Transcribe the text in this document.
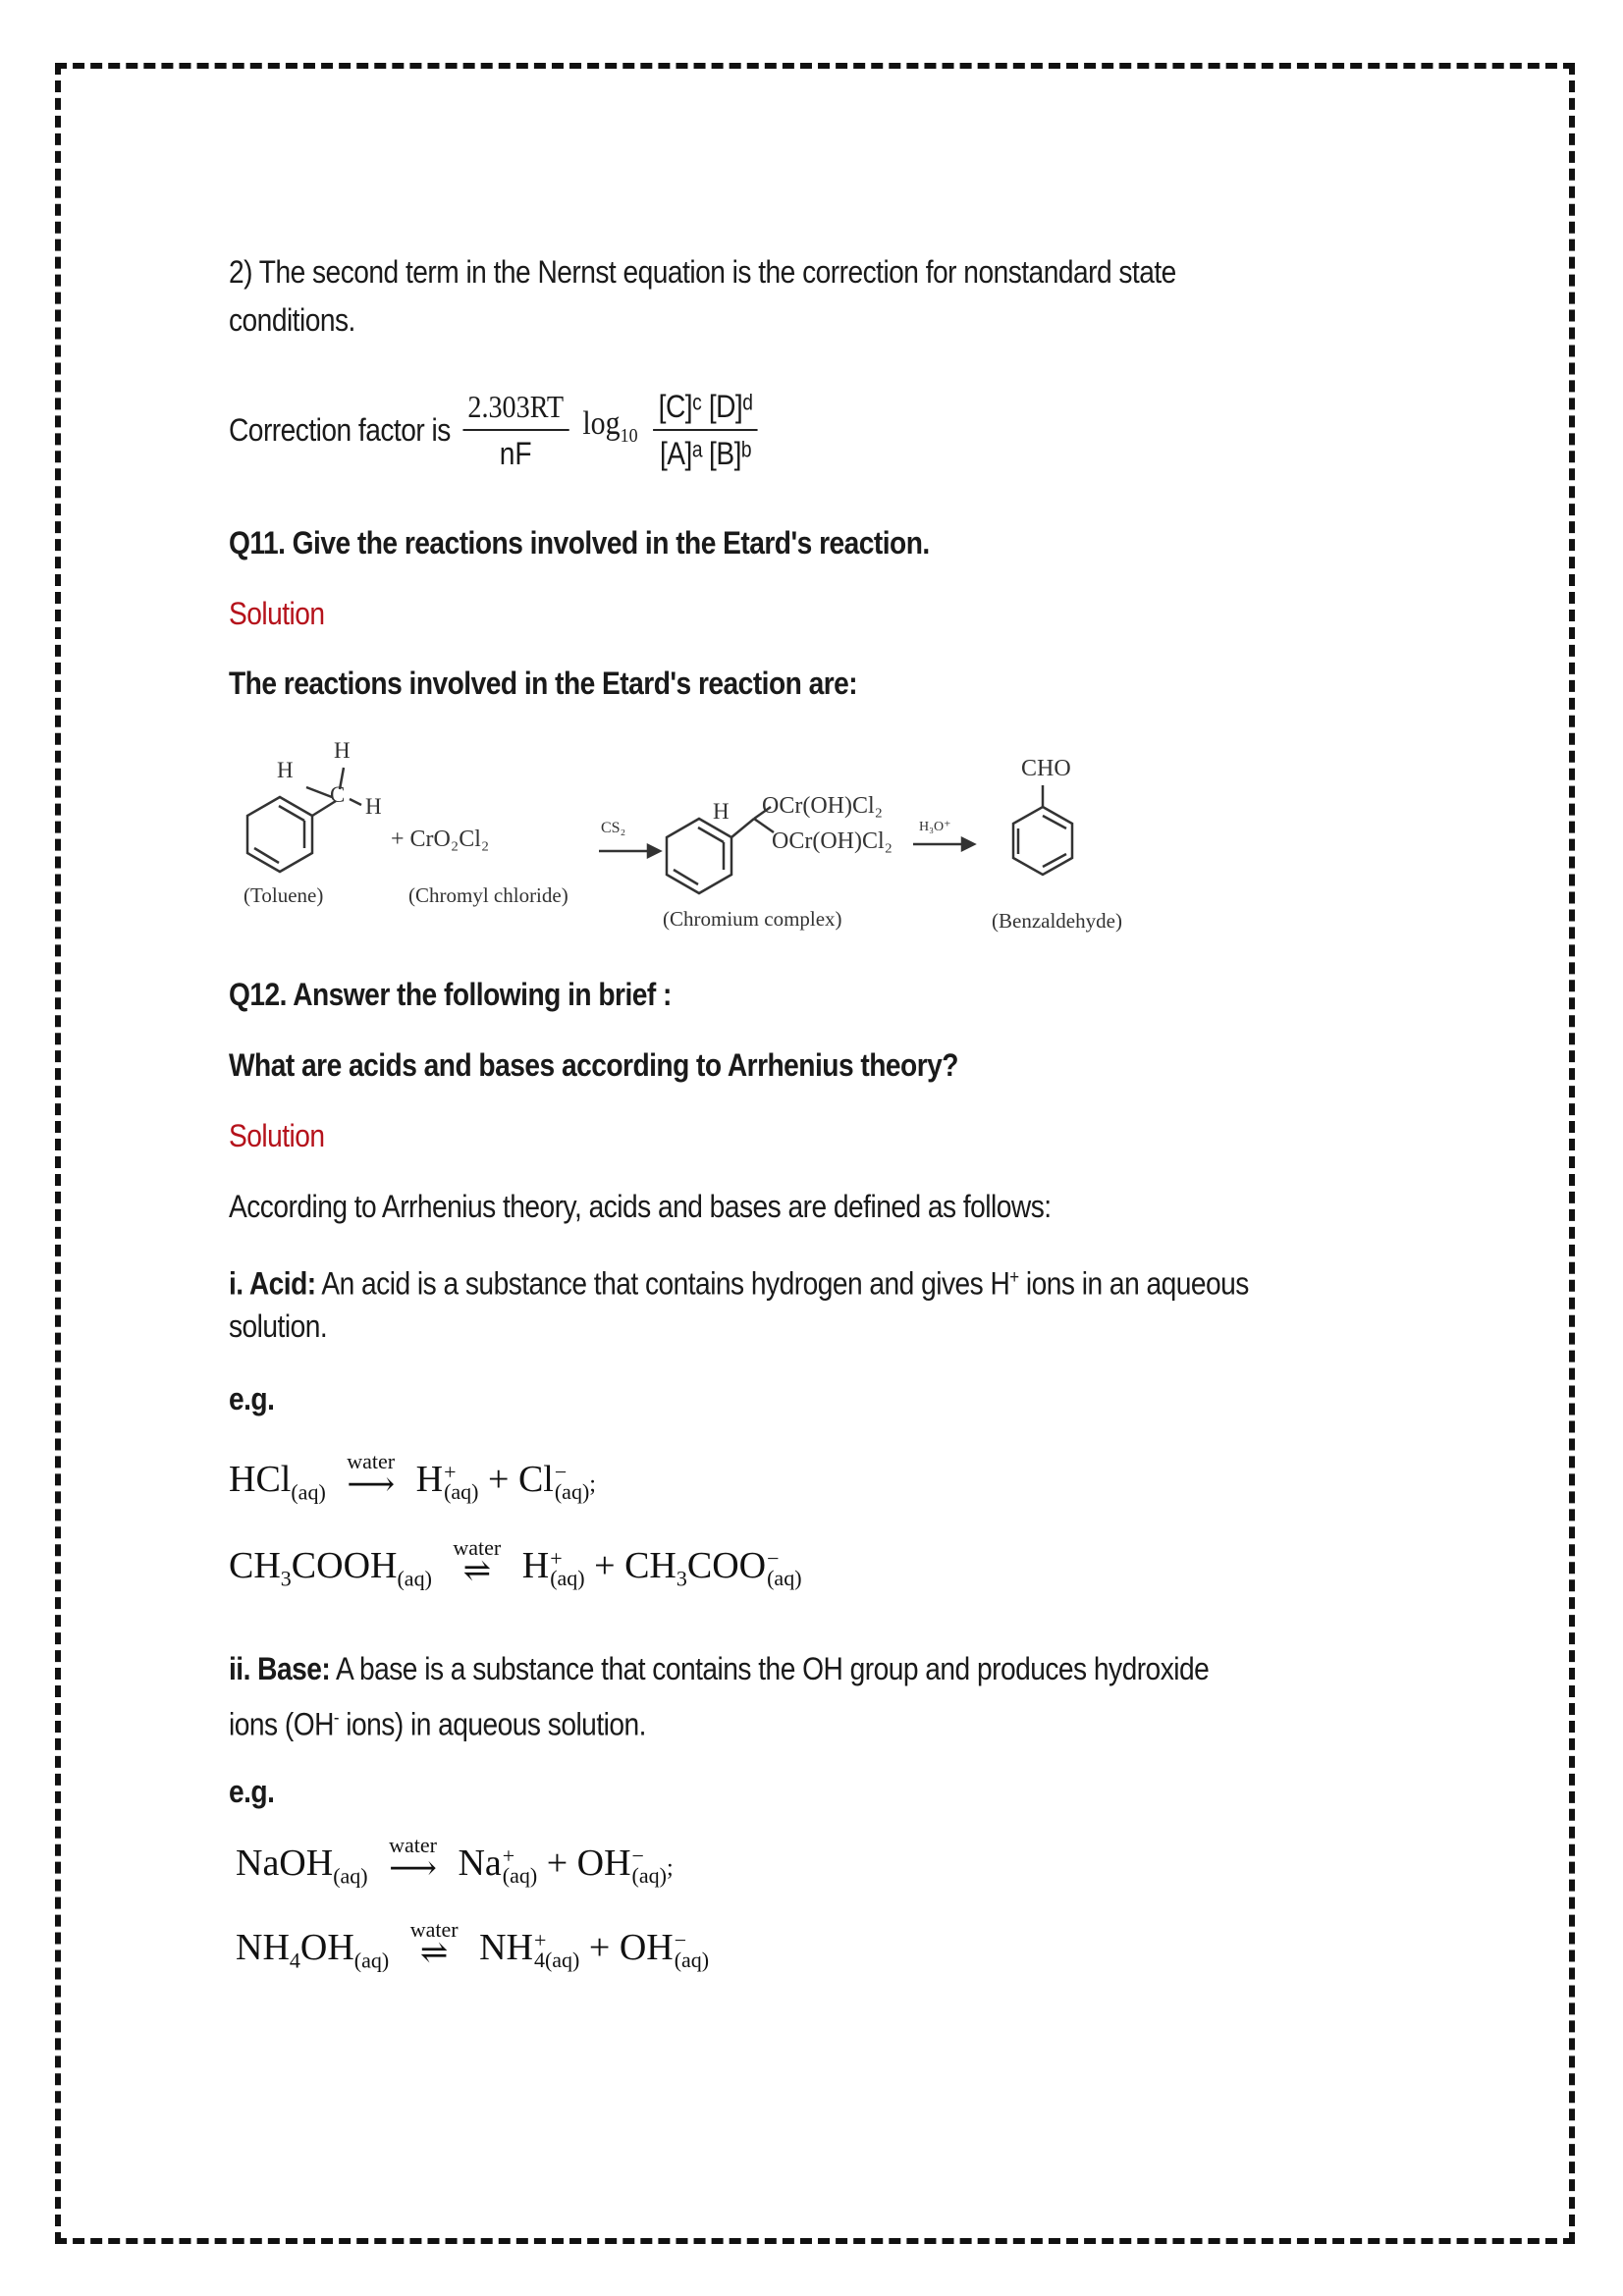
2) The second term in the Nernst equation is the correction for nonstandard state
conditions.
Correction factor is $\frac{2.303RT}{nF} \log_{10} \frac{\text{[C]ᶜ [D]ᵈ}}{\text{[A]ᵃ [B]ᵇ}}$
Q11. Give the reactions involved in the Etard's reaction.
Solution
The reactions involved in the Etard's reaction are:
H
H
C H
(Toluene)
+ CrO₂Cl₂
(Chromyl chloride)
CS₂
H OCr(OH)Cl₂
OCr(OH)Cl₂
(Chromium complex)
H₃O⁺
CHO
(Benzaldehyde)
Q12. Answer the following in brief :
What are acids and bases according to Arrhenius theory?
Solution
According to Arrhenius theory, acids and bases are defined as follows:
i. Acid: An acid is a substance that contains hydrogen and gives H+ ions in an aqueous
solution.
e.g.
HCl$_{(aq)}$
water
⟶ H +
(aq) + Cl −
(aq) ;
$CH_3COOH_{(aq)}$
water
⇌ H +
$(aq) + CH_3COO$ −
(aq)
ii. Base: A base is a substance that contains the OH group and produces hydroxide
ions (OH- ions) in aqueous solution.
e.g.
NaOH$_{(aq)}$
water
⟶ Na +
(aq) + OH −
(aq) ;
$NH_4OH_{(aq)}$
water
⇌ NH +
4(aq) + OH −
(aq)
